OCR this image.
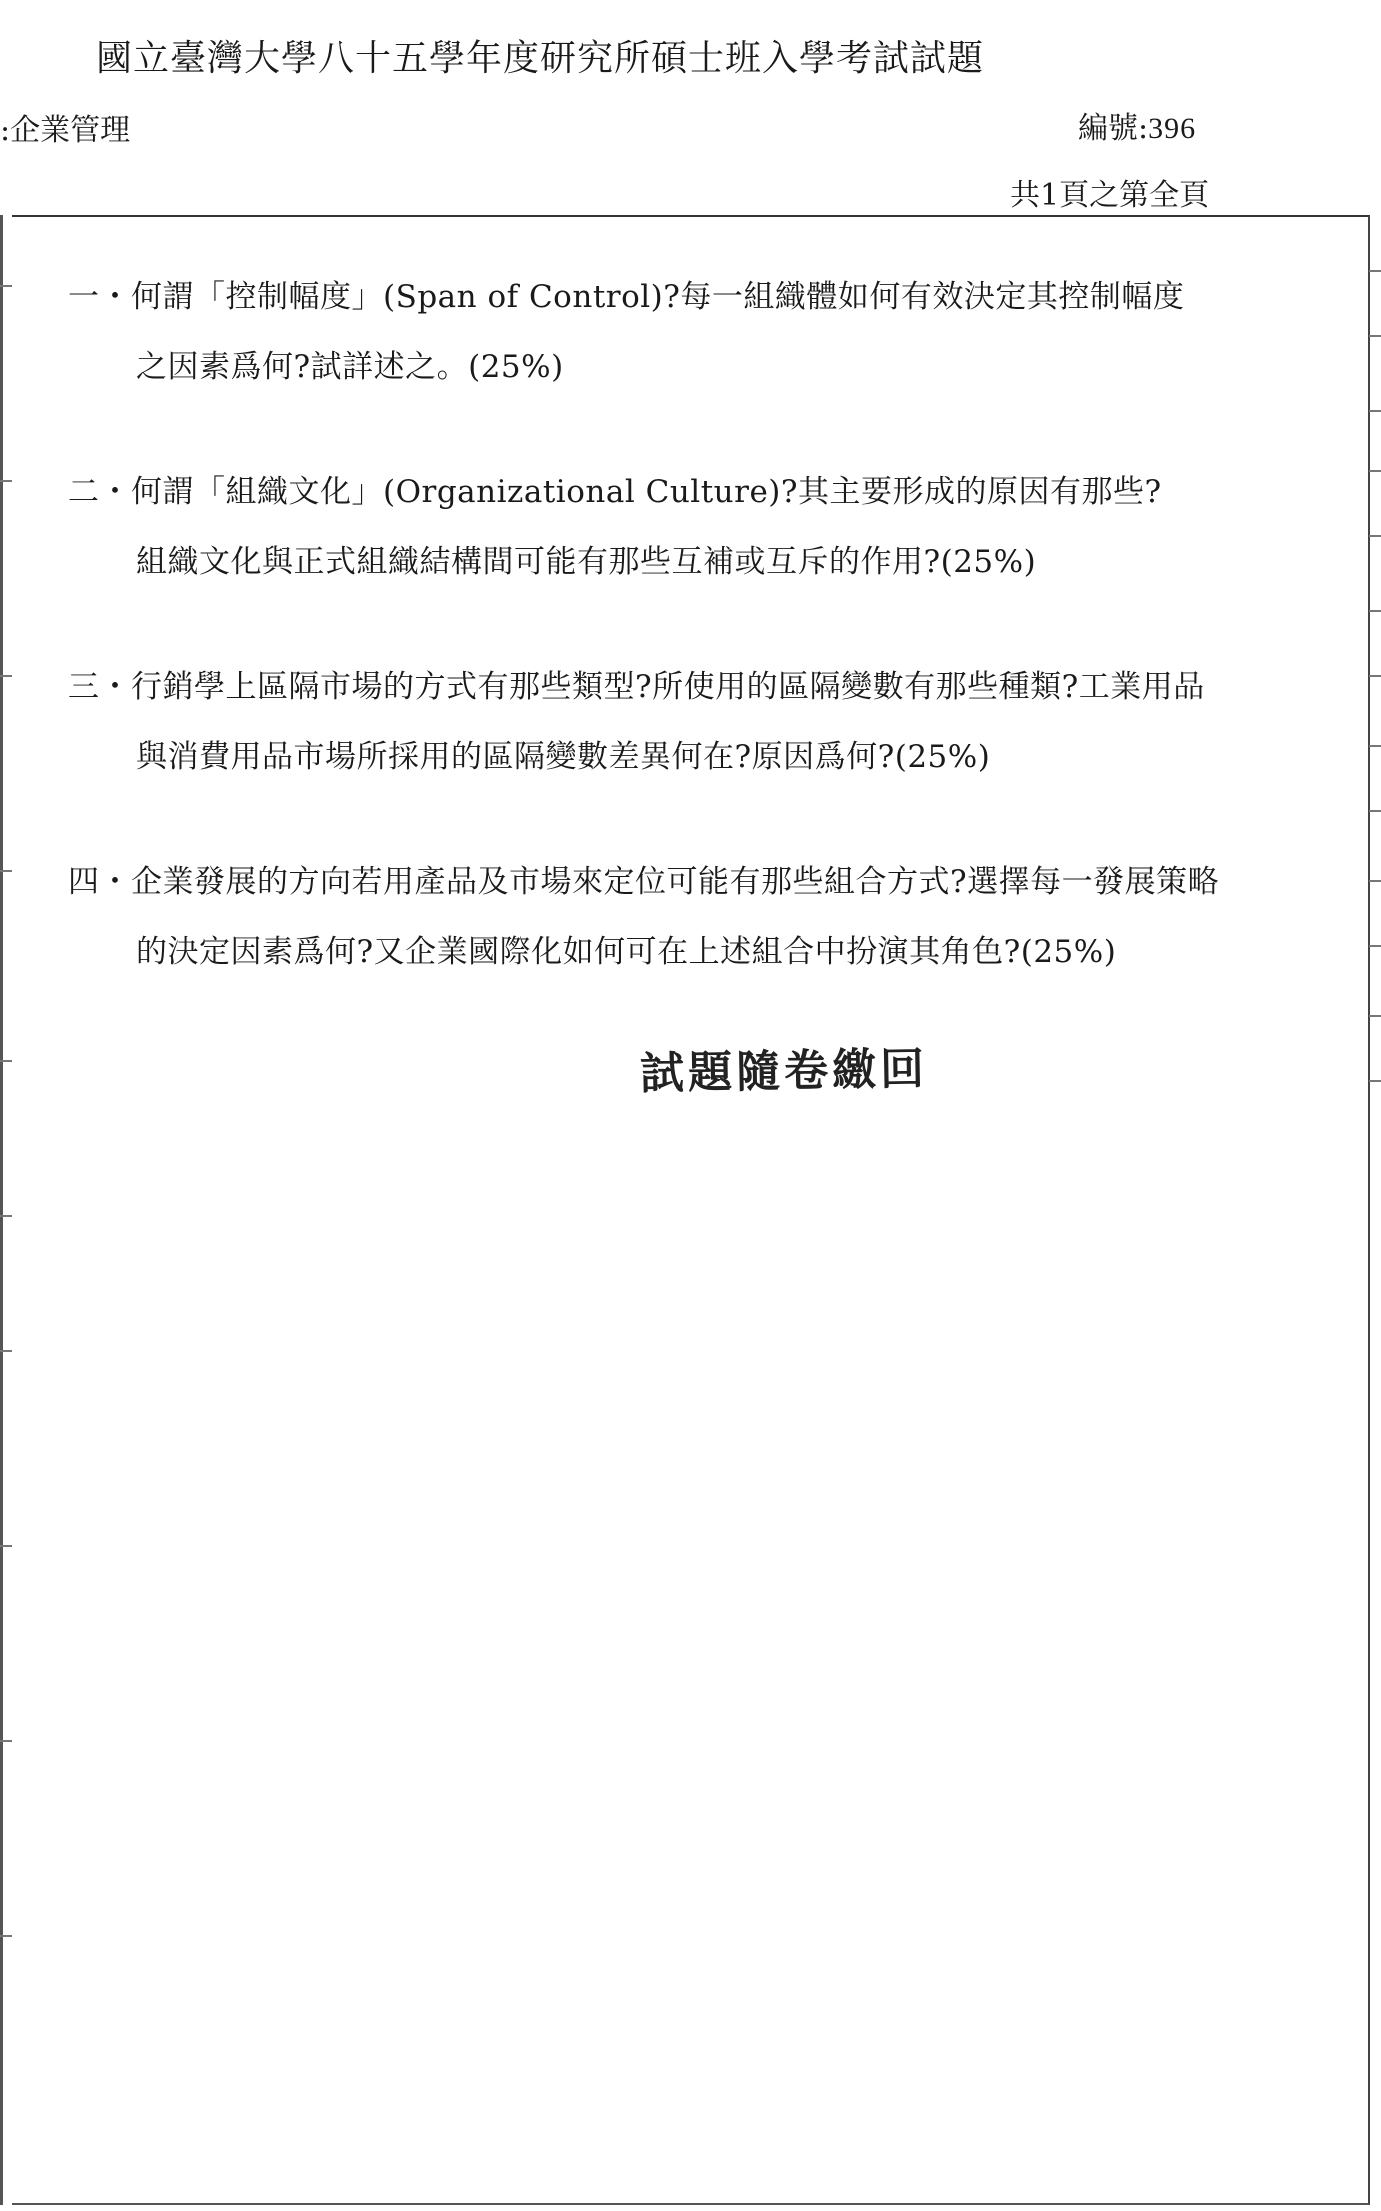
國立臺灣大學八十五學年度研究所碩士班入學考試試題
:企業管理	編號:396
共1頁之第全頁
一・何謂「控制幅度」(Span of Control)?每一組織體如何有效決定其控制幅度
之因素爲何?試詳述之。(25%)
二・何謂「組織文化」(Organizational Culture)?其主要形成的原因有那些?
組織文化與正式組織結構間可能有那些互補或互斥的作用?(25%)
三・行銷學上區隔市場的方式有那些類型?所使用的區隔變數有那些種類?工業用品
與消費用品市場所採用的區隔變數差異何在?原因爲何?(25%)
四・企業發展的方向若用產品及市場來定位可能有那些組合方式?選擇每一發展策略
的決定因素爲何?又企業國際化如何可在上述組合中扮演其角色?(25%)
試題隨卷繳回
